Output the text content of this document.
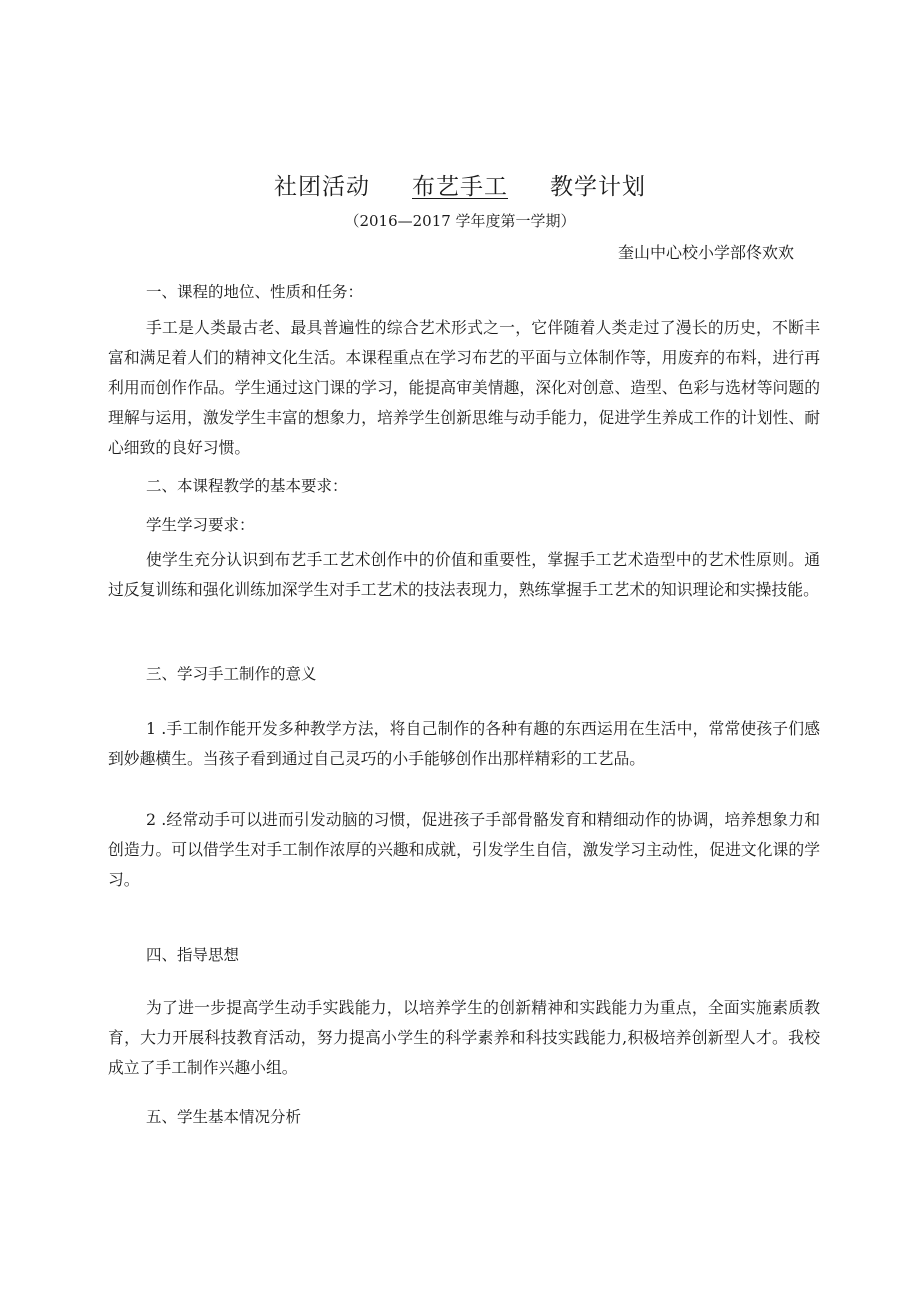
社团活动 布艺手工 教学计划
（2016—2017 学年度第一学期）
奎山中心校小学部佟欢欢
一、课程的地位、性质和任务：
手工是人类最古老、最具普遍性的综合艺术形式之一，它伴随着人类走过了漫长的历史，不断丰富和满足着人们的精神文化生活。本课程重点在学习布艺的平面与立体制作等，用废弃的布料，进行再利用而创作作品。学生通过这门课的学习，能提高审美情趣，深化对创意、造型、色彩与选材等问题的理解与运用，激发学生丰富的想象力，培养学生创新思维与动手能力，促进学生养成工作的计划性、耐心细致的良好习惯。
二、本课程教学的基本要求：
学生学习要求：
使学生充分认识到布艺手工艺术创作中的价值和重要性，掌握手工艺术造型中的艺术性原则。通过反复训练和强化训练加深学生对手工艺术的技法表现力，熟练掌握手工艺术的知识理论和实操技能。
三、学习手工制作的意义
1 .手工制作能开发多种教学方法，将自己制作的各种有趣的东西运用在生活中，常常使孩子们感到妙趣横生。当孩子看到通过自己灵巧的小手能够创作出那样精彩的工艺品。
2 .经常动手可以进而引发动脑的习惯，促进孩子手部骨骼发育和精细动作的协调，培养想象力和创造力。可以借学生对手工制作浓厚的兴趣和成就，引发学生自信，激发学习主动性，促进文化课的学习。
四、指导思想
为了进一步提高学生动手实践能力，以培养学生的创新精神和实践能力为重点，全面实施素质教育，大力开展科技教育活动，努力提高小学生的科学素养和科技实践能力,积极培养创新型人才。我校成立了手工制作兴趣小组。
五、学生基本情况分析
